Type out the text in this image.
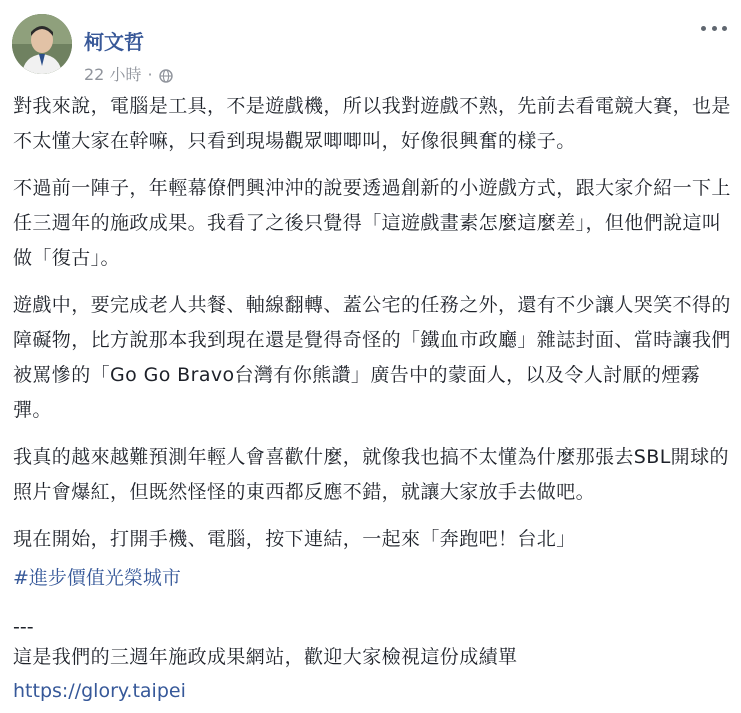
柯文哲
22 小時 ·

對我來說，電腦是工具，不是遊戲機，所以我對遊戲不熟，先前去看電競大賽，也是不太懂大家在幹嘛，只看到現場觀眾唧唧叫，好像很興奮的樣子。

不過前一陣子，年輕幕僚們興沖沖的說要透過創新的小遊戲方式，跟大家介紹一下上任三週年的施政成果。我看了之後只覺得「這遊戲畫素怎麼這麼差」，但他們說這叫做「復古」。

遊戲中，要完成老人共餐、軸線翻轉、蓋公宅的任務之外，還有不少讓人哭笑不得的障礙物，比方說那本我到現在還是覺得奇怪的「鐵血市政廳」雜誌封面、當時讓我們被罵慘的「Go Go Bravo台灣有你熊讚」廣告中的蒙面人，以及令人討厭的煙霧彈。

我真的越來越難預測年輕人會喜歡什麼，就像我也搞不太懂為什麼那張去SBL開球的照片會爆紅，但既然怪怪的東西都反應不錯，就讓大家放手去做吧。

現在開始，打開手機、電腦，按下連結，一起來「奔跑吧！台北」

#進步價值光榮城市

---

這是我們的三週年施政成果網站，歡迎大家檢視這份成績單

https://glory.taipei
